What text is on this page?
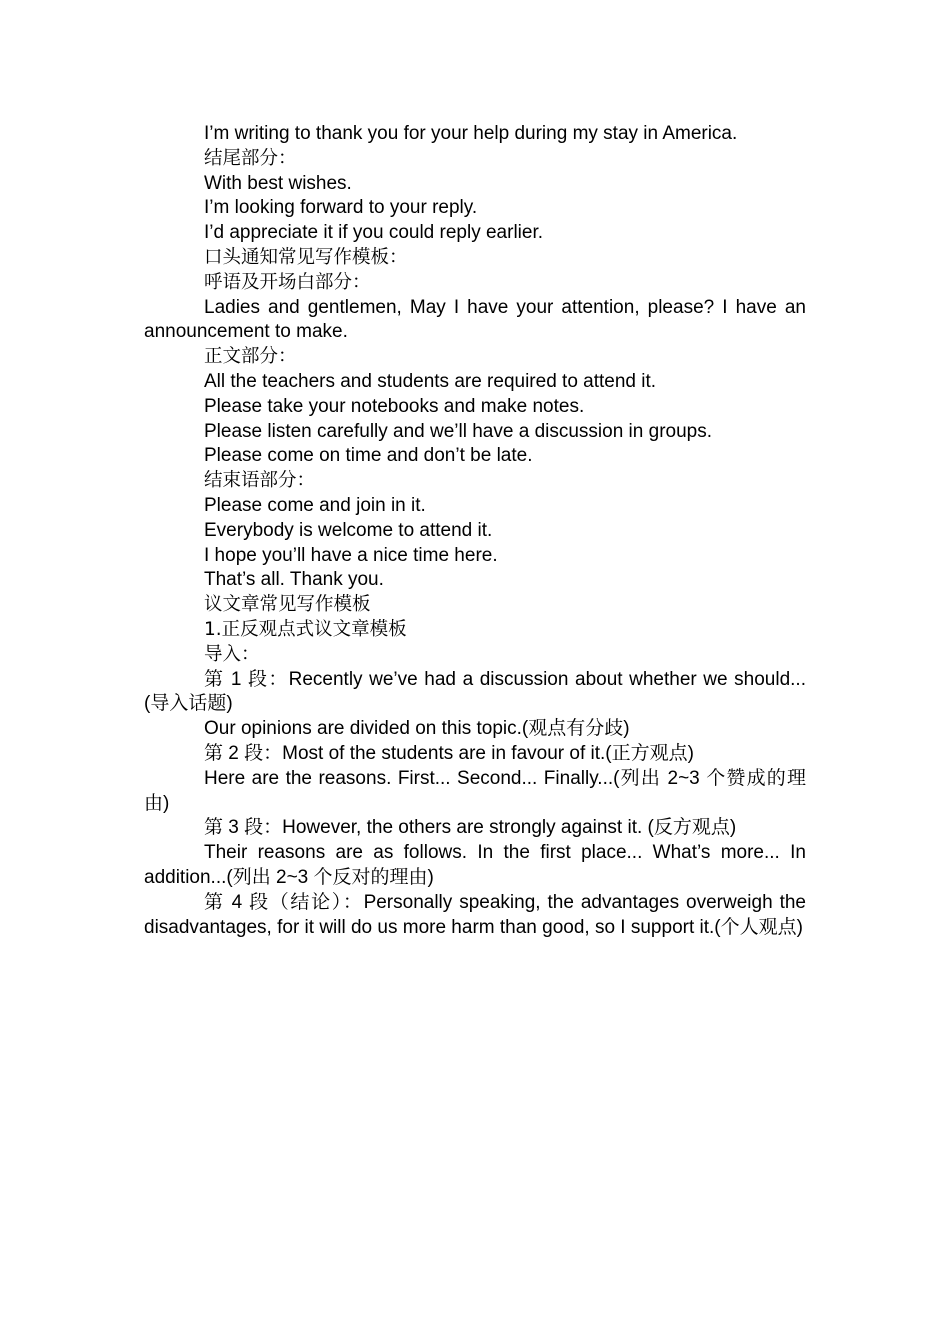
I’m writing to thank you for your help during my stay in America.

结尾部分：

With best wishes.

I’m looking forward to your reply.

I’d appreciate it if you could reply earlier.

口头通知常见写作模板：

呼语及开场白部分：

Ladies and gentlemen, May I have your attention, please? I have an announcement to make.

正文部分：

All the teachers and students are required to attend it.

Please take your notebooks and make notes.

Please listen carefully and we’ll have a discussion in groups.

Please come on time and don’t be late.

结束语部分：

Please come and join in it.

Everybody is welcome to attend it.

I hope you’ll have a nice time here.

That’s all. Thank you.

议文章常见写作模板

1.正反观点式议文章模板

导入：

第 1 段：Recently we’ve had a discussion about whether we should... (导入话题)

Our opinions are divided on this topic.(观点有分歧)

第 2 段：Most of the students are in favour of it.(正方观点)

Here are the reasons. First... Second... Finally...(列出 2~3 个赞成的理由)

第 3 段：However, the others are strongly against it. (反方观点)

Their reasons are as follows. In the first place... What’s more... In addition...(列出 2~3 个反对的理由)

第 4 段（结论）：Personally speaking, the advantages overweigh the disadvantages, for it will do us more harm than good, so I support it.(个人观点)
